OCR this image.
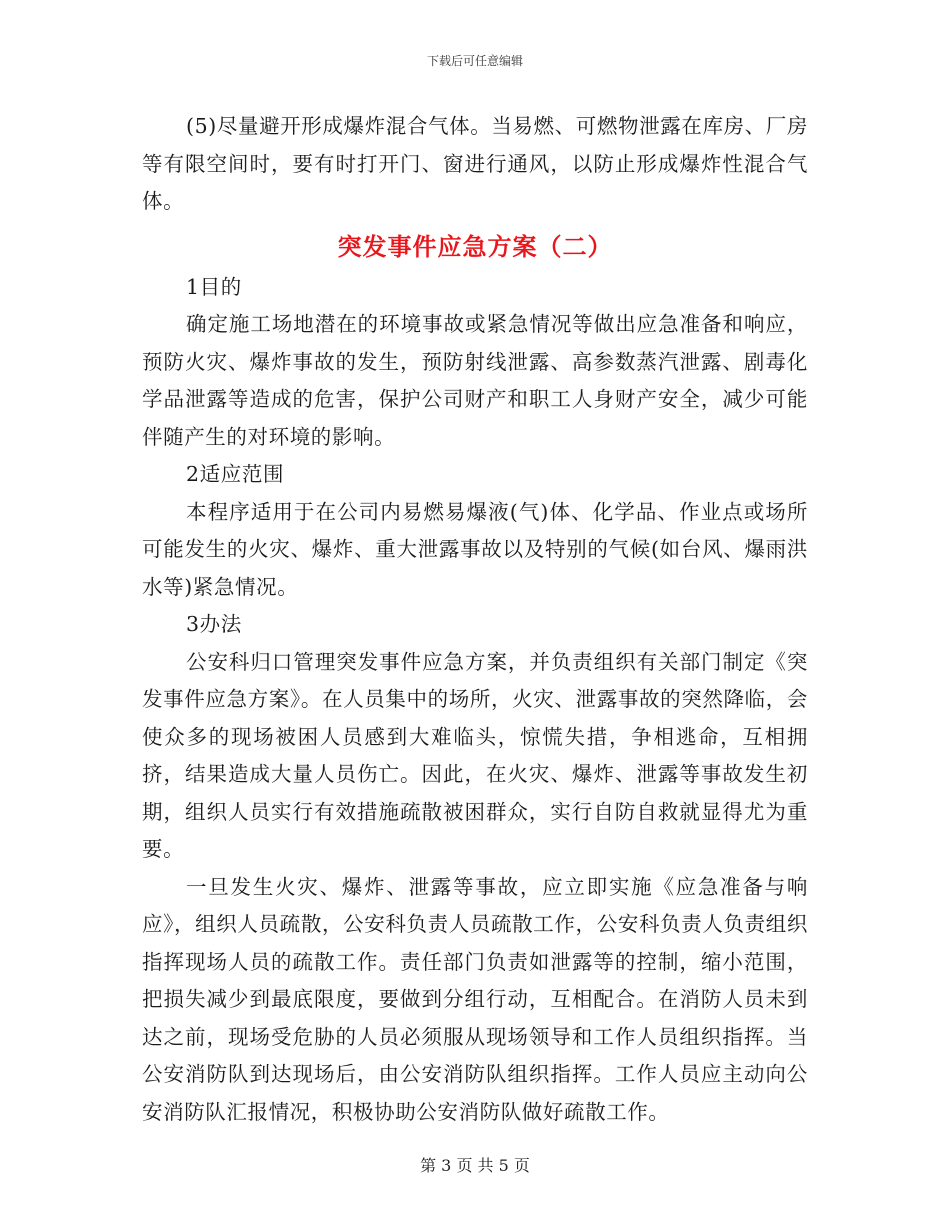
下载后可任意编辑

(5)尽量避开形成爆炸混合气体。当易燃、可燃物泄露在库房、厂房等有限空间时，要有时打开门、窗进行通风，以防止形成爆炸性混合气体。

突发事件应急方案（二）

1目的

确定施工场地潜在的环境事故或紧急情况等做出应急准备和响应，预防火灾、爆炸事故的发生，预防射线泄露、高参数蒸汽泄露、剧毒化学品泄露等造成的危害，保护公司财产和职工人身财产安全，减少可能伴随产生的对环境的影响。

2适应范围

本程序适用于在公司内易燃易爆液(气)体、化学品、作业点或场所可能发生的火灾、爆炸、重大泄露事故以及特别的气候(如台风、爆雨洪水等)紧急情况。

3办法

公安科归口管理突发事件应急方案，并负责组织有关部门制定《突发事件应急方案》。在人员集中的场所，火灾、泄露事故的突然降临，会使众多的现场被困人员感到大难临头，惊慌失措，争相逃命，互相拥挤，结果造成大量人员伤亡。因此，在火灾、爆炸、泄露等事故发生初期，组织人员实行有效措施疏散被困群众，实行自防自救就显得尤为重要。

一旦发生火灾、爆炸、泄露等事故，应立即实施《应急准备与响应》，组织人员疏散，公安科负责人员疏散工作，公安科负责人负责组织指挥现场人员的疏散工作。责任部门负责如泄露等的控制，缩小范围，把损失减少到最底限度，要做到分组行动，互相配合。在消防人员未到达之前，现场受危胁的人员必须服从现场领导和工作人员组织指挥。当公安消防队到达现场后，由公安消防队组织指挥。工作人员应主动向公安消防队汇报情况，积极协助公安消防队做好疏散工作。

第 3 页 共 5 页
